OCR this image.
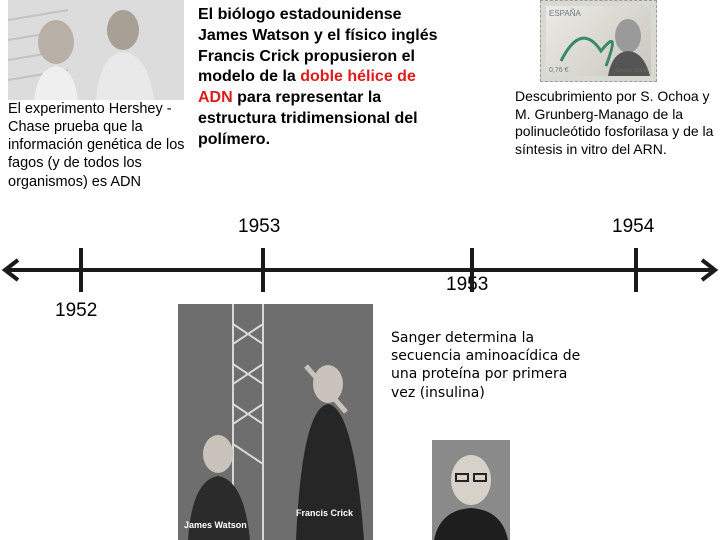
ESPAÑA
0,76 €	Severo Ochoa
James Watson
Francis Crick
El experimento Hershey -Chase prueba que la información genética de los fagos (y de todos los organismos) es ADN
El biólogo estadounidense James Watson y el físico inglés Francis Crick propusieron el modelo de la doble hélice de ADN para representar la estructura tridimensional del polímero.
Descubrimiento por S. Ochoa y M. Grunberg-Manago de la polinucleótido fosforilasa y de la síntesis in vitro del ARN.
Sanger determina la secuencia aminoacídica de una proteína por primera vez (insulina)
1952
1953
1953
1954
